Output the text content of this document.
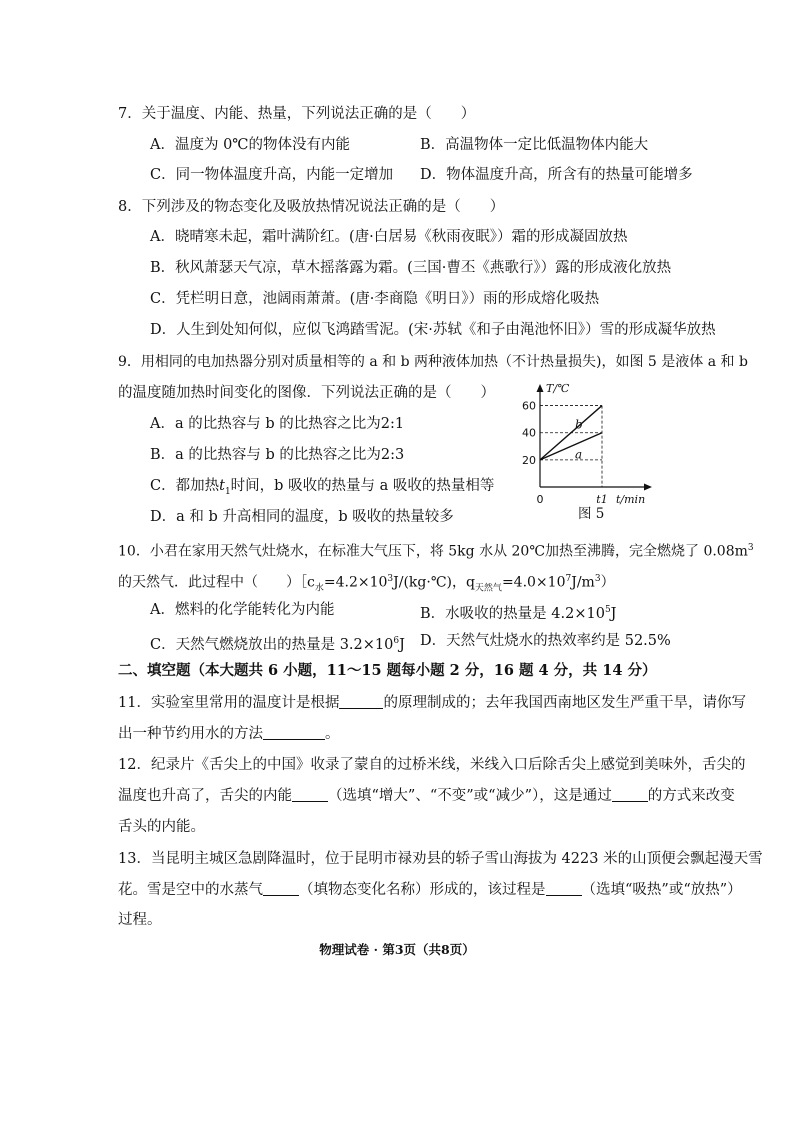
7．关于温度、内能、热量，下列说法正确的是（　　）
A．温度为 0℃的物体没有内能	B．高温物体一定比低温物体内能大
C．同一物体温度升高，内能一定增加 D．物体温度升高，所含有的热量可能增多
8．下列涉及的物态变化及吸放热情况说法正确的是（　　）
A．晓晴寒未起，霜叶满阶红。(唐·白居易《秋雨夜眠》）霜的形成凝固放热
B．秋风萧瑟天气凉，草木摇落露为霜。(三国·曹丕《燕歌行》）露的形成液化放热
C．凭栏明日意，池阔雨萧萧。(唐·李商隐《明日》）雨的形成熔化吸热
D．人生到处知何似，应似飞鸿踏雪泥。(宋·苏轼《和子由渑池怀旧》）雪的形成凝华放热
9．用相同的电加热器分别对质量相等的 a 和 b 两种液体加热（不计热量损失)，如图 5 是液体 a 和 b
的温度随加热时间变化的图像．下列说法正确的是（　　）
A．a 的比热容与 b 的比热容之比为2:1
B．a 的比热容与 b 的比热容之比为2:3
C．都加热$t_1$时间，b 吸收的热量与 a 吸收的热量相等
D．a 和 b 升高相同的温度，b 吸收的热量较多
a
b
20
40
60
0	t1
T/℃
t/min
图 5
10．小君在家用天然气灶烧水，在标准大气压下，将 5kg 水从 20℃加热至沸腾，完全燃烧了 $0.08m^3$
的天然气．此过程中（　　）$[c_水=4.2\times 10^3J/(kg\cdot℃)$，$q_{天然气}=4.0\times 10^7J/m^3$）
A．燃料的化学能转化为内能	B．水吸收的热量是 $4.2\times 10^5J$
C．天然气燃烧放出的热量是 $3.2\times 10^6J$ D．天然气灶烧水的热效率约是 52.5%
二、填空题（本大题共 6 小题，11～15 题每小题 2 分，16 题 4 分，共 14 分）
11．实验室里常用的温度计是根据	的原理制成的；去年我国西南地区发生严重干旱，请你写
出一种节约用水的方法	。
12．纪录片《舌尖上的中国》收录了蒙自的过桥米线，米线入口后除舌尖上感觉到美味外，舌尖的
温度也升高了，舌尖的内能 （选填“增大”、“不变”或“减少”），这是通过 的方式来改变
舌头的内能。
13．当昆明主城区急剧降温时，位于昆明市禄劝县的轿子雪山海拔为 4223 米的山顶便会飘起漫天雪
花。雪是空中的水蒸气 （填物态变化名称）形成的，该过程是 （选填“吸热”或“放热”）
过程。
物理试卷 · 第3页（共8页）
